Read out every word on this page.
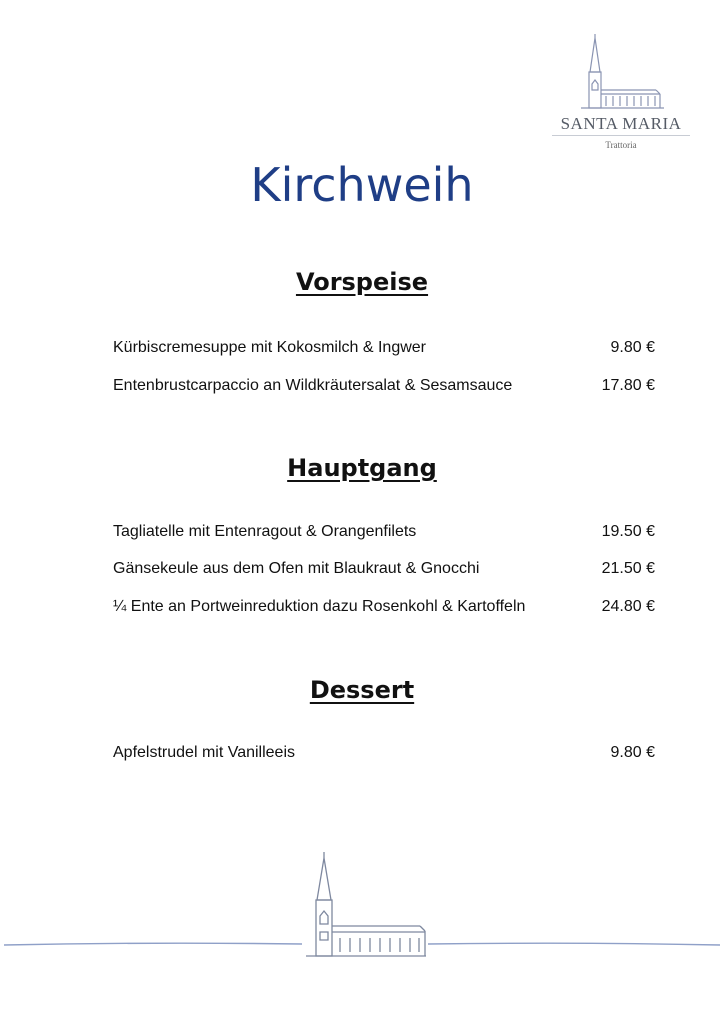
SANTA MARIA
Trattoria
Kirchweih
Vorspeise
Kürbiscremesuppe mit Kokosmilch & Ingwer	9.80 €
Entenbrustcarpaccio an Wildkräutersalat & Sesamsauce	17.80 €
Hauptgang
Tagliatelle mit Entenragout & Orangenfilets	19.50 €
Gänsekeule aus dem Ofen mit Blaukraut & Gnocchi	21.50 €
¼ Ente an Portweinreduktion dazu Rosenkohl & Kartoffeln	24.80 €
Dessert
Apfelstrudel mit Vanilleeis	9.80 €
